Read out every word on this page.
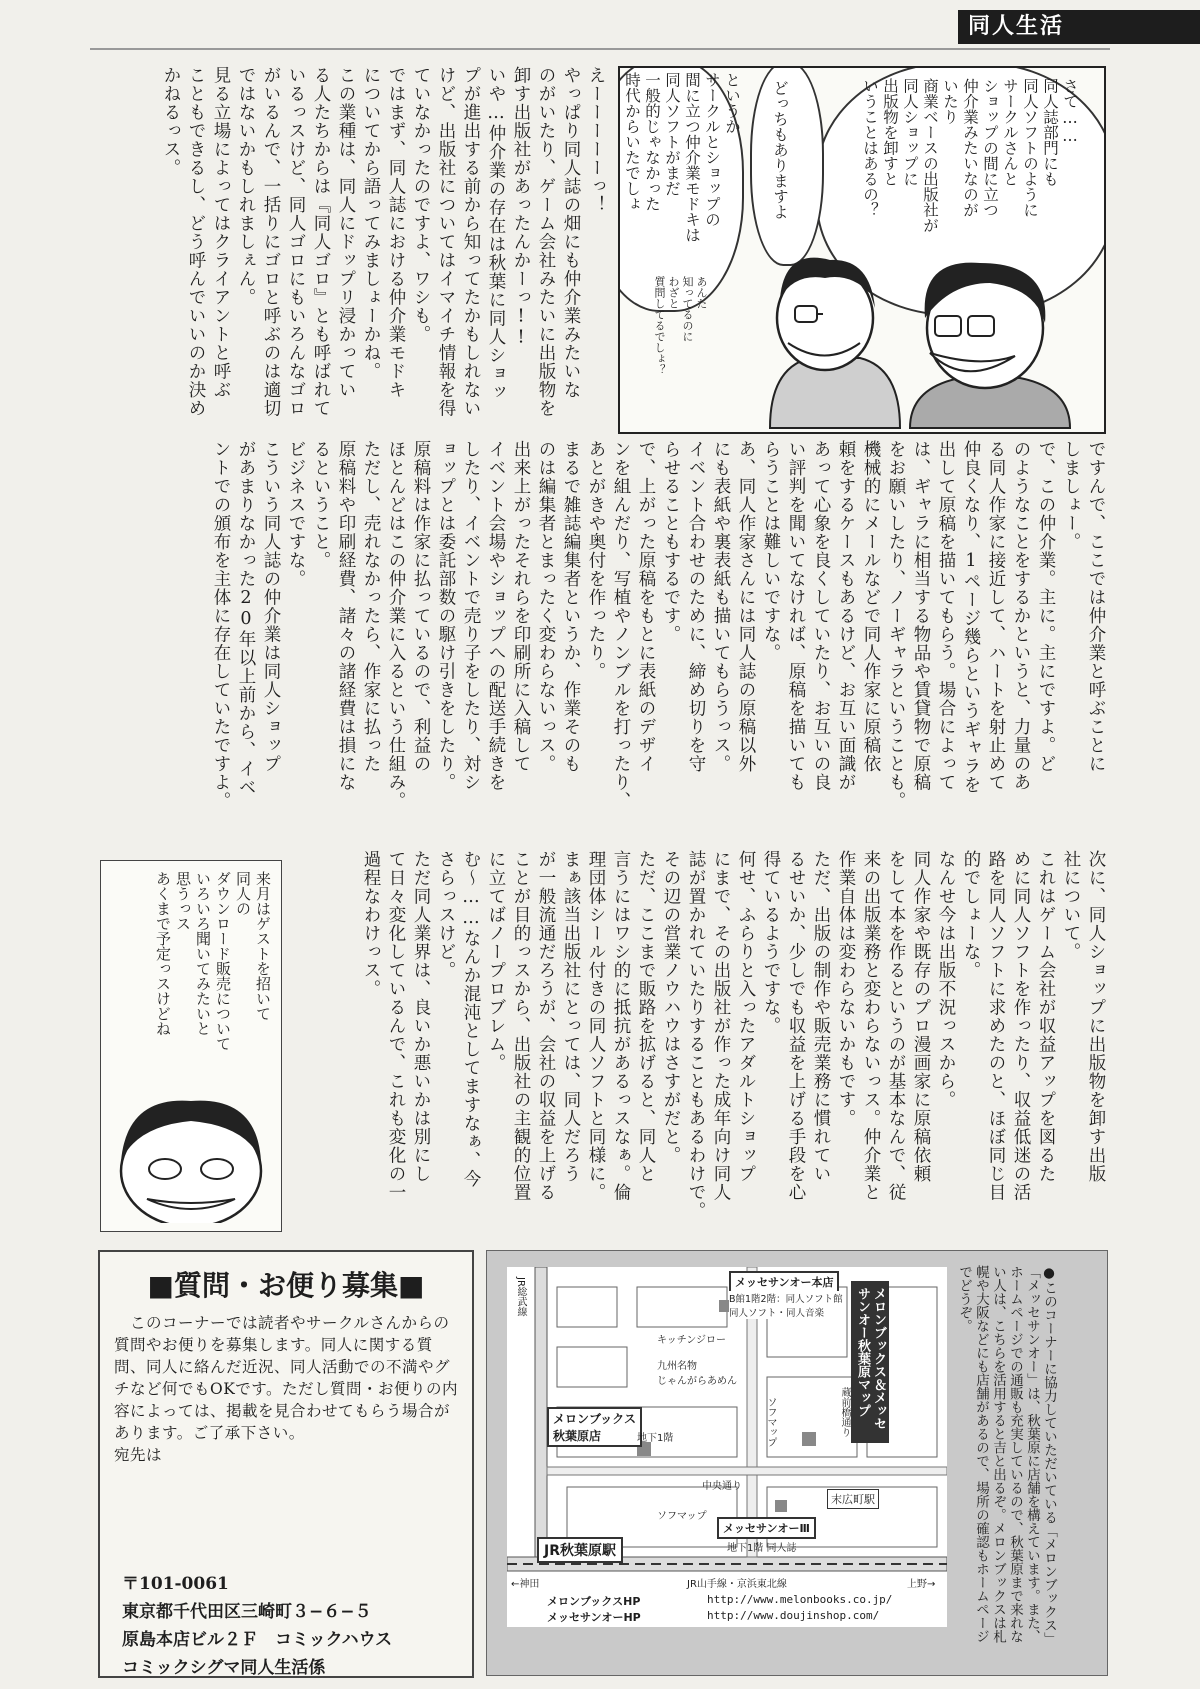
同人生活
さて……
同人誌部門にも
同人ソフトのように
サークルさんと
ショップの間に立つ
仲介業みたいなのが
いたり
商業ベースの出版社が
同人ショップに
出版物を卸すと
いうことはあるの？
どっちもありますよ
というか
サークルとショップの
間に立つ仲介業モドキは
同人ソフトがまだ
一般的じゃなかった
時代からいたでしょ
あんた
知ってるのに
わざと
質問してるでしょ？
えーーーーーっ！
やっぱり同人誌の畑にも仲介業みたいな
のがいたり、ゲーム会社みたいに出版物を
卸す出版社があったんかーっ!!
いや…仲介業の存在は秋葉に同人ショッ
プが進出する前から知ってたかもしれない
けど、出版社についてはイマイチ情報を得
ていなかったのですよ、ワシも。
ではまず、同人誌における仲介業モドキ
についてから語ってみましょーかね。
この業種は、同人にドップリ浸かってい
る人たちからは『同人ゴロ』とも呼ばれて
いるっスけど、同人ゴロにもいろんなゴロ
がいるんで、一括りにゴロと呼ぶのは適切
ではないかもしれましぇん。
見る立場によってはクライアントと呼ぶ
こともできるし、どう呼んでいいのか決め
かねるっス。
ですんで、ここでは仲介業と呼ぶことに
しましょー。
で、この仲介業。主に。主にですよ。ど
のようなことをするかというと、力量のあ
る同人作家に接近して、ハートを射止めて
仲良くなり、1ページ幾らというギャラを
出して原稿を描いてもらう。場合によって
は、ギャラに相当する物品や賃貸物で原稿
をお願いしたり、ノーギャラということも。
機械的にメールなどで同人作家に原稿依
頼をするケースもあるけど、お互い面識が
あって心象を良くしていたり、お互いの良
い評判を聞いてなければ、原稿を描いても
らうことは難しいですな。
あ、同人作家さんには同人誌の原稿以外
にも表紙や裏表紙も描いてもらうっス。
イベント合わせのために、締め切りを守
らせることもするです。
で、上がった原稿をもとに表紙のデザイ
ンを組んだり、写植やノンブルを打ったり、
あとがきや奥付を作ったり。
まるで雑誌編集者というか、作業そのも
のは編集者とまったく変わらないっス。
出来上がったそれらを印刷所に入稿して
イベント会場やショップへの配送手続きを
したり、イベントで売り子をしたり、対シ
ョップとは委託部数の駆け引きをしたり。
原稿料は作家に払っているので、利益の
ほとんどはこの仲介業に入るという仕組み。
ただし、売れなかったら、作家に払った
原稿料や印刷経費、諸々の諸経費は損にな
るということ。
ビジネスですな。
こういう同人誌の仲介業は同人ショップ
があまりなかった20年以上前から、イベ
ントでの頒布を主体に存在していたですよ。
次に、同人ショップに出版物を卸す出版
社について。
これはゲーム会社が収益アップを図るた
めに同人ソフトを作ったり、収益低迷の活
路を同人ソフトに求めたのと、ほぼ同じ目
的でしょーな。
なんせ今は出版不況っスから。
同人作家や既存のプロ漫画家に原稿依頼
をして本を作るというのが基本なんで、従
来の出版業務と変わらないっス。仲介業と
作業自体は変わらないかもです。
ただ、出版の制作や販売業務に慣れてい
るせいか、少しでも収益を上げる手段を心
得ているようですな。
何せ、ふらりと入ったアダルトショップ
にまで、その出版社が作った成年向け同人
誌が置かれていたりすることもあるわけで。
その辺の営業ノウハウはさすがだと。
ただ、ここまで販路を拡げると、同人と
言うにはワシ的に抵抗があるっスなぁ。倫
理団体シール付きの同人ソフトと同様に。
まぁ該当出版社にとっては、同人だろう
が一般流通だろうが、会社の収益を上げる
ことが目的っスから、出版社の主観的位置
に立てばノープロブレム。
む〜……なんか混沌としてますなぁ、今
さらっスけど。
ただ同人業界は、良いか悪いかは別にし
て日々変化しているんで、これも変化の一
過程なわけっス。
来月はゲストを招いて
同人の
ダウンロード販売について
いろいろ聞いてみたいと
思うっス
あくまで予定っスけどね
■質問・お便り募集■
　このコーナーでは読者やサークルさんからの質問やお便りを募集します。同人に関する質問、同人に絡んだ近況、同人活動での不満やグチなど何でもOKです。ただし質問・お便りの内容によっては、掲載を見合わせてもらう場合があります。ご了承下さい。
宛先は
〒101-0061
東京都千代田区三崎町３−６−５
原島本店ビル２Ｆ　コミックハウス
コミックシグマ同人生活係
JR総武線	メッセサンオー本店
B館1階2階：同人ソフト館
同人ソフト・同人音楽
キッチンジロー
九州名物
じゃんがらあめん
メロンブックス
秋葉原店	地下1階	ソフマップ
中央通り
ソフマップ
末広町駅
蔵前橋通り
メッセサンオーⅢ
地下1階 同人誌
JR秋葉原駅
JR山手線・京浜東北線
←神田	上野→
メロンブックスHP	http://www.melonbooks.co.jp/
メッセサンオーHP	http://www.doujinshop.com/
メロンブックス＆メッセサンオー秋葉原マップ	●このコーナーに協力していただいている「メロンブックス」「メッセサンオー」は、秋葉原に店舗を構えています。また、ホームページでの通販も充実しているので、秋葉原まで来れない人は、こちらを活用すると吉と出るぞ。メロンブックスは札幌や大阪などにも店舗があるので、場所の確認もホームページでどうぞ。
